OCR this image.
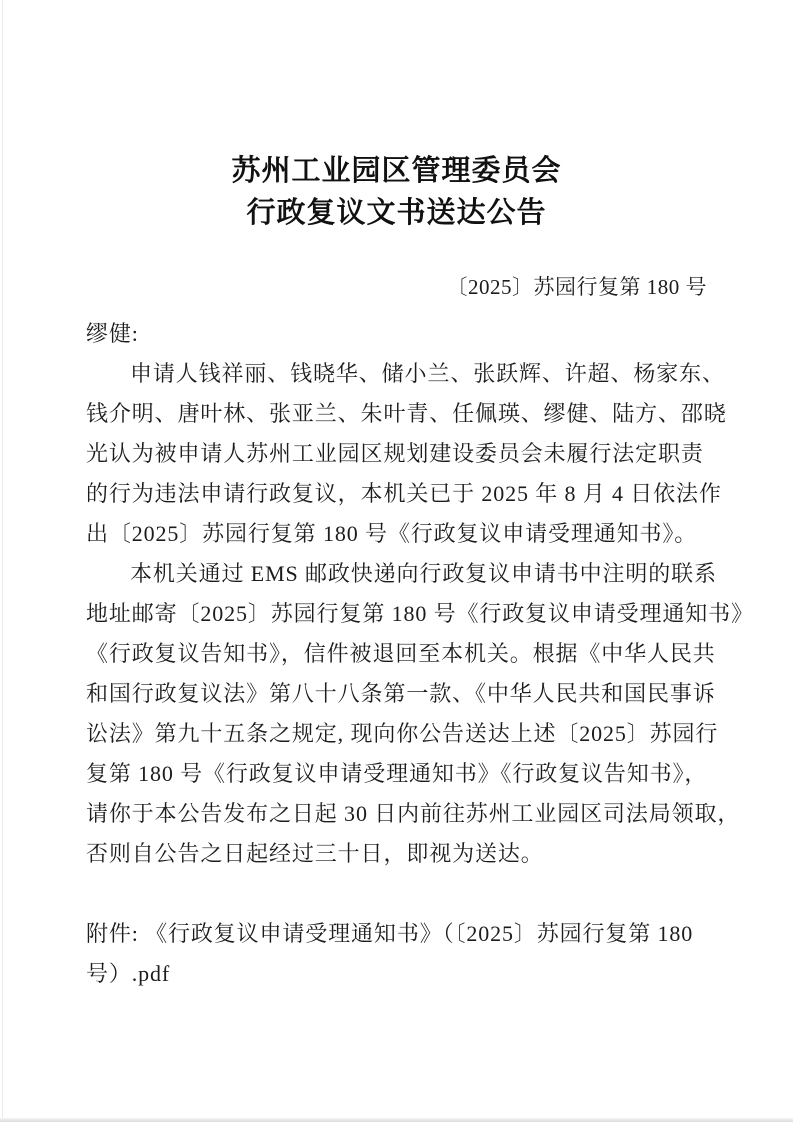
苏州工业园区管理委员会
行政复议文书送达公告
〔2025〕苏园行复第 180 号
缪健:
申请人钱祥丽、钱晓华、储小兰、张跃辉、许超、杨家东、
钱介明、唐叶林、张亚兰、朱叶青、任佩瑛、缪健、陆方、邵晓
光认为被申请人苏州工业园区规划建设委员会未履行法定职责
的行为违法申请行政复议，本机关已于 2025 年 8 月 4 日依法作
出〔2025〕苏园行复第 180 号《行政复议申请受理通知书》。
本机关通过 EMS 邮政快递向行政复议申请书中注明的联系
地址邮寄〔2025〕苏园行复第 180 号《行政复议申请受理通知书》
《行政复议告知书》，信件被退回至本机关。根据《中华人民共
和国行政复议法》第八十八条第一款、《中华人民共和国民事诉
讼法》第九十五条之规定, 现向你公告送达上述〔2025〕苏园行
复第 180 号《行政复议申请受理通知书》《行政复议告知书》，
请你于本公告发布之日起 30 日内前往苏州工业园区司法局领取，
否则自公告之日起经过三十日，即视为送达。
附件: 《行政复议申请受理通知书》（〔2025〕苏园行复第 180
号）.pdf
